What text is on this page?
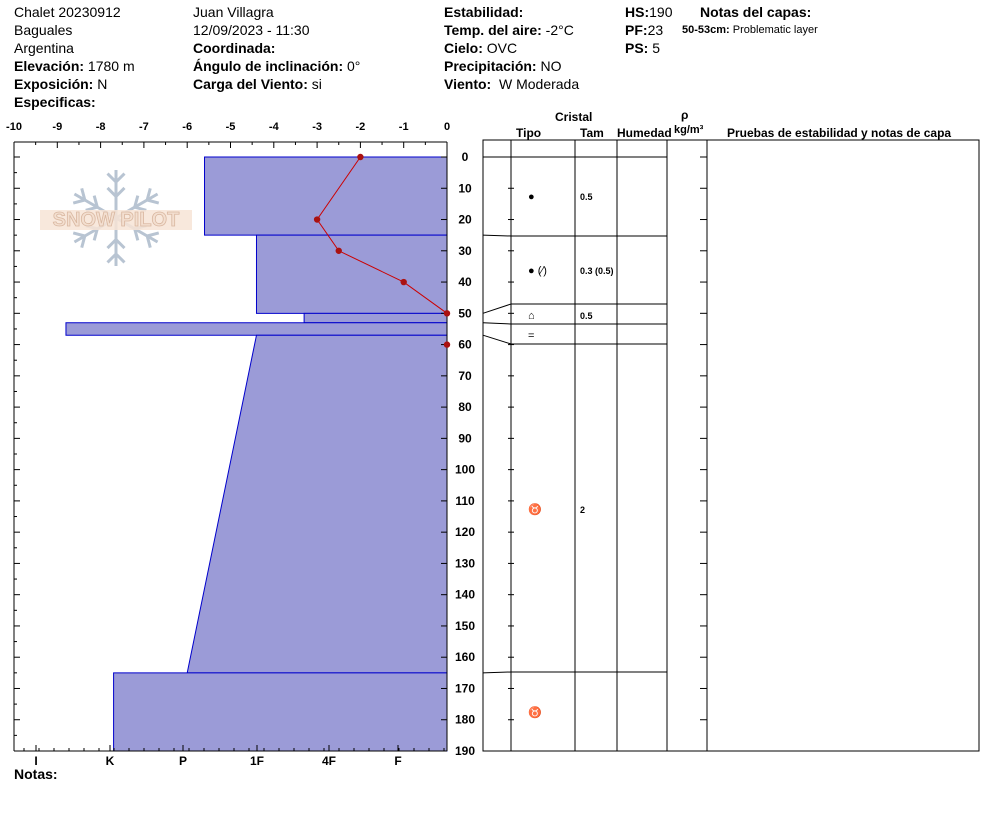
Chalet 20230912
Baguales
Argentina
Elevación: 1780 m
Exposición: N
Especificas:
Juan Villagra
12/09/2023 - 11:30
Coordinada:
Ángulo de inclinación: 0°
Carga del Viento: si
Estabilidad:
Temp. del aire: -2°C
Cielo: OVC
Precipitación: NO
Viento: W Moderada
HS:190
PF:23
PS: 5
Notas del capas:
50-53cm: Problematic layer
Cristal
Tipo	Tam Humedad
ρ
kg/m³ Pruebas de estabilidad y notas de capa
Notas:
SNOW PILOT
-10	-9	-8	-7	-6	-5	-4	-3	-2	-1	0
I	K	P	1F	4F	F
0
10
20
30
40
50
60
70
80
90
100
110
120
130
140
150
160
170
180
190
●	0.5
● (⁄)	0.3 (0.5)
⌂	0.5
=
♉	2
♉
